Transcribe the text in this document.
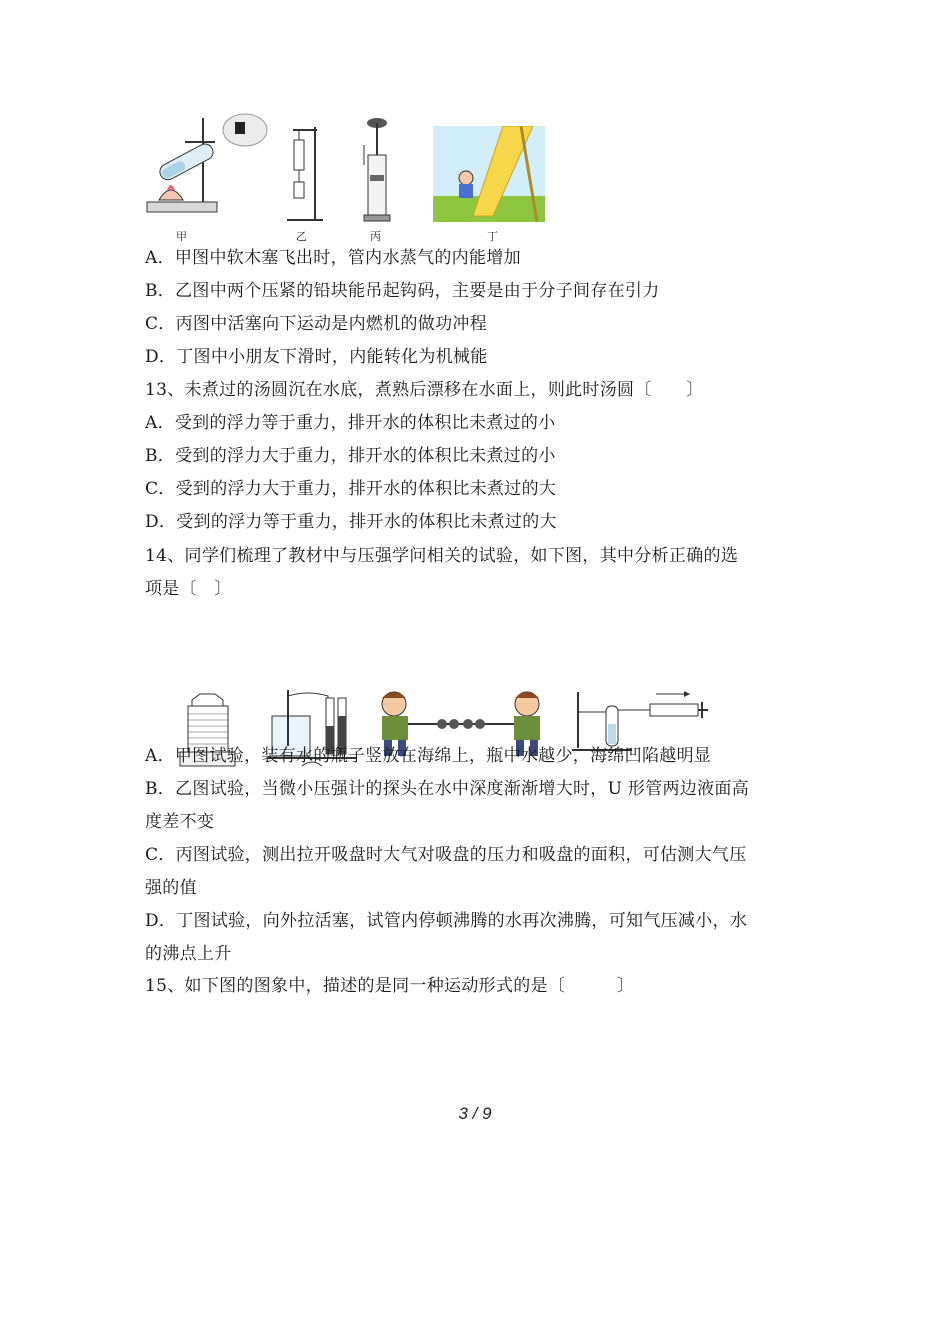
甲	乙	丙	丁
A．甲图中软木塞飞出时，管内水蒸气的内能增加
B．乙图中两个压紧的铅块能吊起钩码，主要是由于分子间存在引力
C．丙图中活塞向下运动是内燃机的做功冲程
D．丁图中小朋友下滑时，内能转化为机械能
13、未煮过的汤圆沉在水底，煮熟后漂移在水面上，则此时汤圆〔　　〕
A．受到的浮力等于重力，排开水的体积比未煮过的小
B．受到的浮力大于重力，排开水的体积比未煮过的小
C．受到的浮力大于重力，排开水的体积比未煮过的大
D．受到的浮力等于重力，排开水的体积比未煮过的大
14、同学们梳理了教材中与压强学问相关的试验，如下图，其中分析正确的选
项是〔　〕
A．甲图试验，装有水的瓶子竖放在海绵上，瓶中水越少，海绵凹陷越明显
B．乙图试验，当微小压强计的探头在水中深度渐渐增大时，U 形管两边液面高
度差不变
C．丙图试验，测出拉开吸盘时大气对吸盘的压力和吸盘的面积，可估测大气压
强的值
D．丁图试验，向外拉活塞，试管内停顿沸腾的水再次沸腾，可知气压减小，水
的沸点上升
15、如下图的图象中，描述的是同一种运动形式的是〔　　　〕
3 / 9
